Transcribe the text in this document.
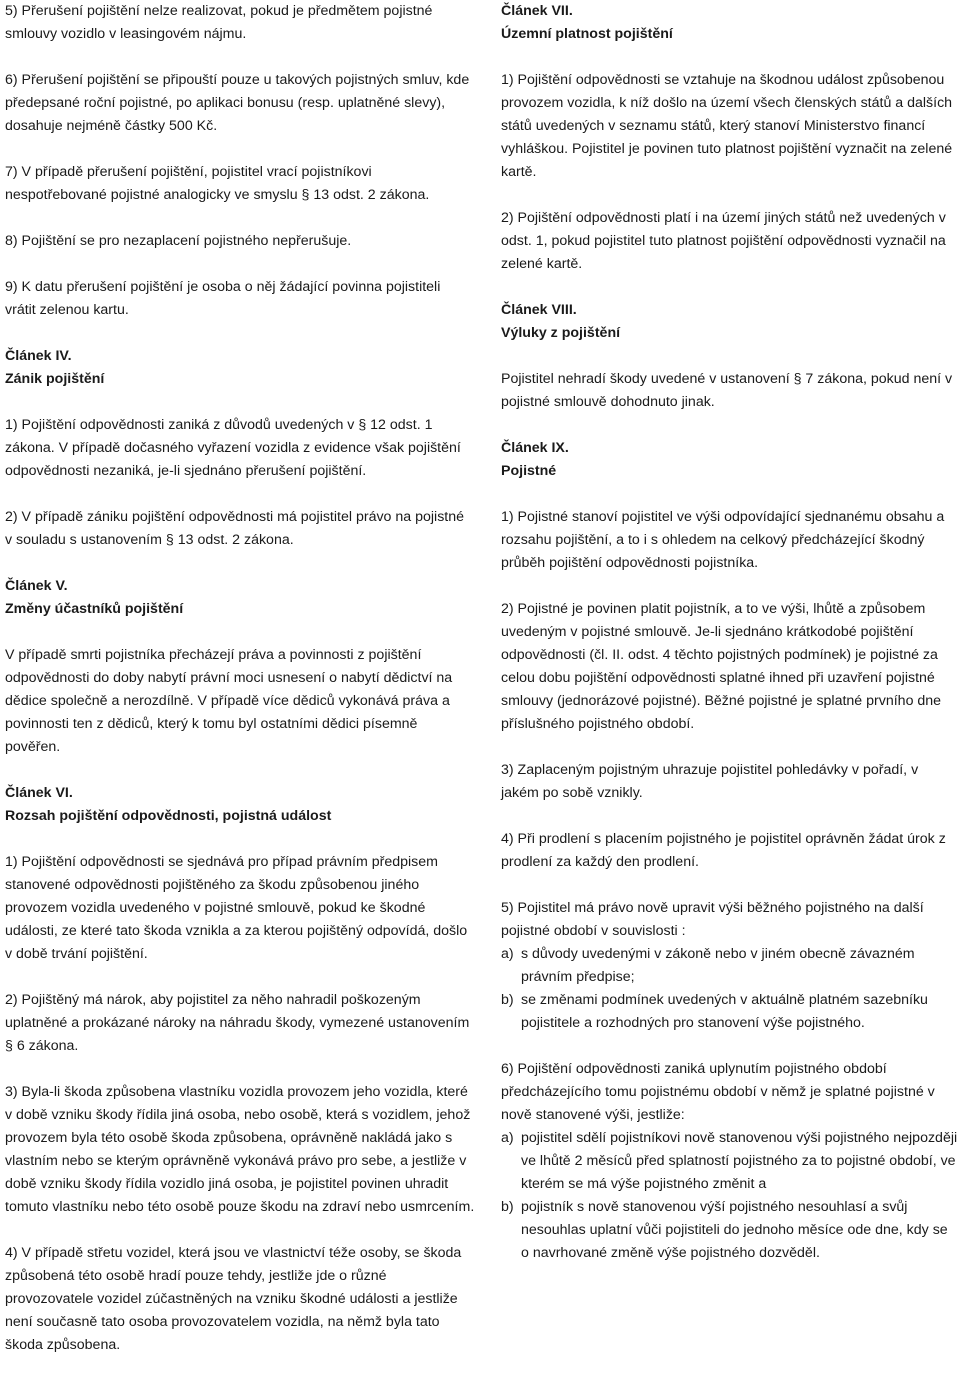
5) Přerušení pojištění nelze realizovat, pokud je předmětem pojistné smlouvy vozidlo v leasingovém nájmu.

6) Přerušení pojištění se připouští pouze u takových pojistných smluv, kde předepsané roční pojistné, po aplikaci bonusu (resp. uplatněné slevy), dosahuje nejméně částky 500 Kč.

7) V případě přerušení pojištění, pojistitel vrací pojistníkovi nespotřebované pojistné analogicky ve smyslu § 13 odst. 2 zákona.

8) Pojištění se pro nezaplacení pojistného nepřerušuje.

9) K datu přerušení pojištění je osoba o něj žádající povinna pojistiteli vrátit zelenou kartu.

Článek IV.

Zánik pojištění

1) Pojištění odpovědnosti zaniká z důvodů uvedených v § 12 odst. 1 zákona. V případě dočasného vyřazení vozidla z evidence však pojištění odpovědnosti nezaniká, je-li sjednáno přerušení pojištění.

2) V případě zániku pojištění odpovědnosti má pojistitel právo na pojistné v souladu s ustanovením § 13 odst. 2 zákona.

Článek V.

Změny účastníků pojištění

V případě smrti pojistníka přecházejí práva a povinnosti z pojištění odpovědnosti do doby nabytí právní moci usnesení o nabytí dědictví na dědice společně a nerozdílně. V případě více dědiců vykonává práva a povinnosti ten z dědiců, který k tomu byl ostatními dědici písemně pověřen.

Článek VI.

Rozsah pojištění odpovědnosti, pojistná událost

1) Pojištění odpovědnosti se sjednává pro případ právním předpisem stanovené odpovědnosti pojištěného za škodu způsobenou jiného provozem vozidla uvedeného v pojistné smlouvě, pokud ke škodné události, ze které tato škoda vznikla a za kterou pojištěný odpovídá, došlo v době trvání pojištění.

2) Pojištěný má nárok, aby pojistitel za něho nahradil poškozeným uplatněné a prokázané nároky na náhradu škody, vymezené ustanovením § 6 zákona.

3) Byla-li škoda způsobena vlastníku vozidla provozem jeho vozidla, které v době vzniku škody řídila jiná osoba, nebo osobě, která s vozidlem, jehož provozem byla této osobě škoda způsobena, oprávněně nakládá jako s vlastním nebo se kterým oprávněně vykonává právo pro sebe, a jestliže v době vzniku škody řídila vozidlo jiná osoba, je pojistitel povinen uhradit tomuto vlastníku nebo této osobě pouze škodu na zdraví nebo usmrcením.

4) V případě střetu vozidel, která jsou ve vlastnictví téže osoby, se škoda způsobená této osobě hradí pouze tehdy, jestliže jde o různé provozovatele vozidel zúčastněných na vzniku škodné události a jestliže není současně tato osoba provozovatelem vozidla, na němž byla tato škoda způsobena.

Článek VII.

Územní platnost pojištění

1) Pojištění odpovědnosti se vztahuje na škodnou událost způsobenou provozem vozidla, k níž došlo na území všech členských států a dalších států uvedených v seznamu států, který stanoví Ministerstvo financí vyhláškou. Pojistitel je povinen tuto platnost pojištění vyznačit na zelené kartě.

2) Pojištění odpovědnosti platí i na území jiných států než uvedených v odst. 1, pokud pojistitel tuto platnost pojištění odpovědnosti vyznačil na zelené kartě.

Článek VIII.

Výluky z pojištění

Pojistitel nehradí škody uvedené v ustanovení § 7 zákona, pokud není v pojistné smlouvě dohodnuto jinak.

Článek IX.

Pojistné

1) Pojistné stanoví pojistitel ve výši odpovídající sjednanému obsahu a rozsahu pojištění, a to i s ohledem na celkový předcházející škodný průběh pojištění odpovědnosti pojistníka.

2) Pojistné je povinen platit pojistník, a to ve výši, lhůtě a způsobem uvedeným v pojistné smlouvě. Je-li sjednáno krátkodobé pojištění odpovědnosti (čl. II. odst. 4 těchto pojistných podmínek) je pojistné za celou dobu pojištění odpovědnosti splatné ihned při uzavření pojistné smlouvy (jednorázové pojistné). Běžné pojistné je splatné prvního dne příslušného pojistného období.

3) Zaplaceným pojistným uhrazuje pojistitel pohledávky v pořadí, v jakém po sobě vznikly.

4) Při prodlení s placením pojistného je pojistitel oprávněn žádat úrok z prodlení za každý den prodlení.

5) Pojistitel má právo nově upravit výši běžného pojistného na další pojistné období v souvislosti :

a) s důvody uvedenými v zákoně nebo v jiném obecně závazném právním předpise;
b) se změnami podmínek uvedených v aktuálně platném sazebníku pojistitele a rozhodných pro stanovení výše pojistného.

6) Pojištění odpovědnosti zaniká uplynutím pojistného období předcházejícího tomu pojistnému období v němž je splatné pojistné v nově stanovené výši, jestliže:

a) pojistitel sdělí pojistníkovi nově stanovenou výši pojistného nejpozději ve lhůtě 2 měsíců před splatností pojistného za to pojistné období, ve kterém se má výše pojistného změnit a
b) pojistník s nově stanovenou výší pojistného nesouhlasí a svůj nesouhlas uplatní vůči pojistiteli do jednoho měsíce ode dne, kdy se o navrhované změně výše pojistného dozvěděl.
